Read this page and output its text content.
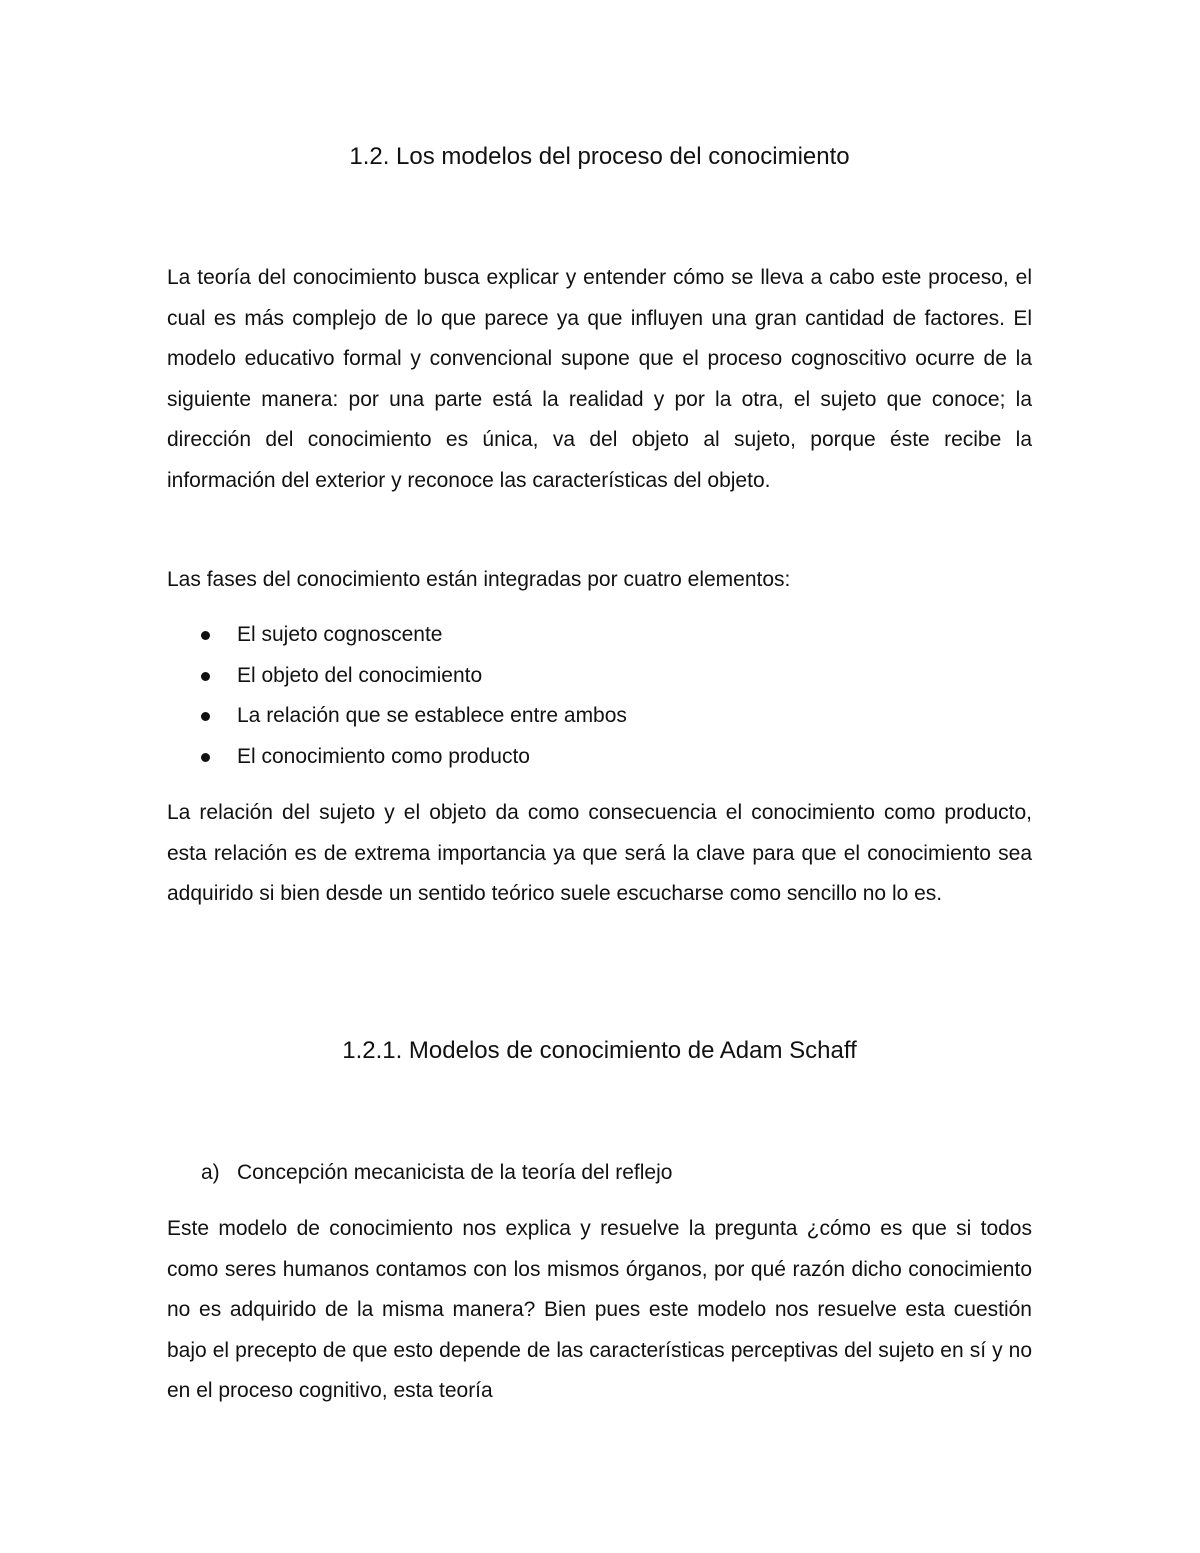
1.2. Los modelos del proceso del conocimiento

La teoría del conocimiento busca explicar y entender cómo se lleva a cabo este proceso, el cual es más complejo de lo que parece ya que influyen una gran cantidad de factores. El modelo educativo formal y convencional supone que el proceso cognoscitivo ocurre de la siguiente manera: por una parte está la realidad y por la otra, el sujeto que conoce; la dirección del conocimiento es única, va del objeto al sujeto, porque éste recibe la información del exterior y reconoce las características del objeto.

Las fases del conocimiento están integradas por cuatro elementos:

El sujeto cognoscente
El objeto del conocimiento
La relación que se establece entre ambos
El conocimiento como producto

La relación del sujeto y el objeto da como consecuencia el conocimiento como producto, esta relación es de extrema importancia ya que será la clave para que el conocimiento sea adquirido si bien desde un sentido teórico suele escucharse como sencillo no lo es.

1.2.1. Modelos de conocimiento de Adam Schaff
a) Concepción mecanicista de la teoría del reflejo

Este modelo de conocimiento nos explica y resuelve la pregunta ¿cómo es que si todos como seres humanos contamos con los mismos órganos, por qué razón dicho conocimiento no es adquirido de la misma manera? Bien pues este modelo nos resuelve esta cuestión bajo el precepto de que esto depende de las características perceptivas del sujeto en sí y no en el proceso cognitivo, esta teoría
